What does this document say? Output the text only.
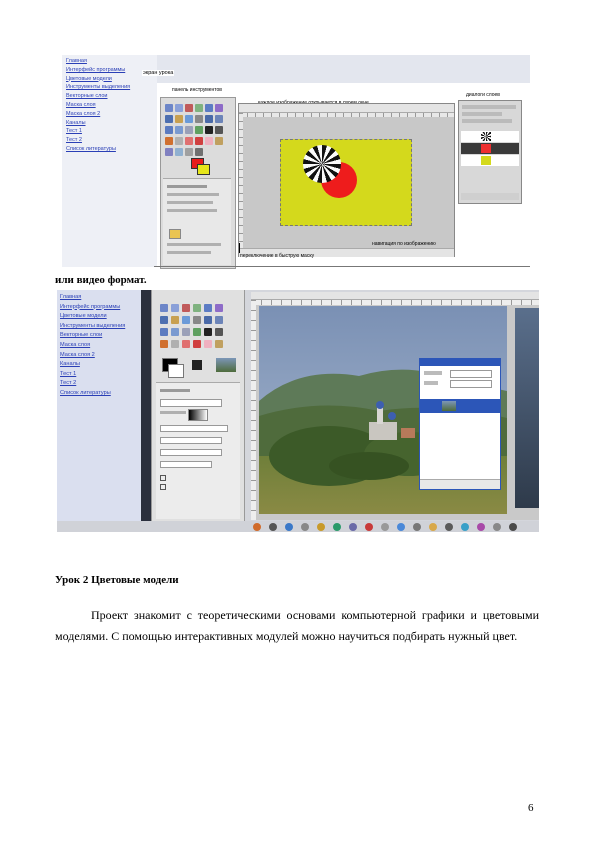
Главная
Интерфейс программы
Цветовые модели
Инструменты выделения
Векторные слои
Маска слоя
Маска слоя 2
Каналы
Тест 1
Тест 2
Список литературы
экран урока
панель инструментов
диалоги слоев
навигация по изображению
переключение в быструю маску
или видео формат.
Главная
Интерфейс программы
Цветовые модели
Инструменты выделения
Векторные слои
Маска слоя
Маска слоя 2
Каналы
Тест 1
Тест 2
Список литературы
Урок 2 Цветовые модели
Проект знакомит с теоретическими основами компьютерной графики и цветовыми моделями. С помощью интерактивных модулей можно научиться подбирать нужный цвет.
6
